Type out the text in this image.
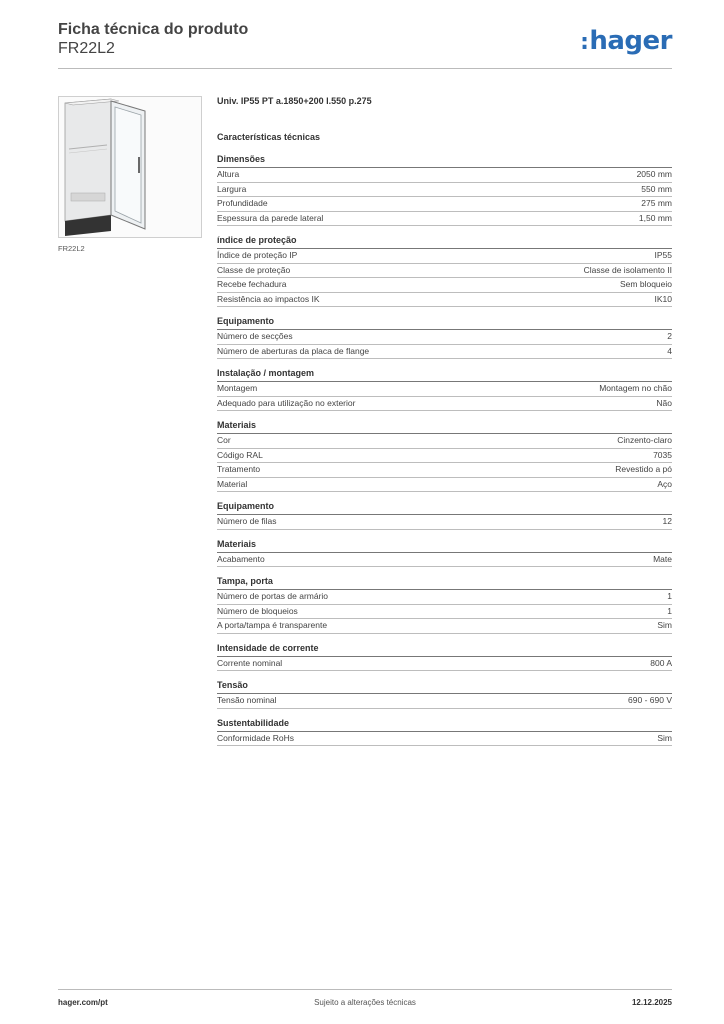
Ficha técnica do produto
FR22L2	:hager
FR22L2
Univ. IP55 PT a.1850+200 l.550 p.275
Características técnicas
Dimensões
Altura	2050 mm
Largura	550 mm
Profundidade	275 mm
Espessura da parede lateral	1,50 mm
índice de proteção
Índice de proteção IP	IP55
Classe de proteção	Classe de isolamento II
Recebe fechadura	Sem bloqueio
Resistência ao impactos IK	IK10
Equipamento
Número de secções	2
Número de aberturas da placa de flange	4
Instalação / montagem
Montagem	Montagem no chão
Adequado para utilização no exterior	Não
Materiais
Cor	Cinzento-claro
Código RAL	7035
Tratamento	Revestido a pó
Material	Aço
Equipamento
Número de filas	12
Materiais
Acabamento	Mate
Tampa, porta
Número de portas de armário	1
Número de bloqueios	1
A porta/tampa é transparente	Sim
Intensidade de corrente
Corrente nominal	800 A
Tensão
Tensão nominal	690 - 690 V
Sustentabilidade
Conformidade RoHs	Sim
hager.com/pt	Sujeito a alterações técnicas	12.12.2025
